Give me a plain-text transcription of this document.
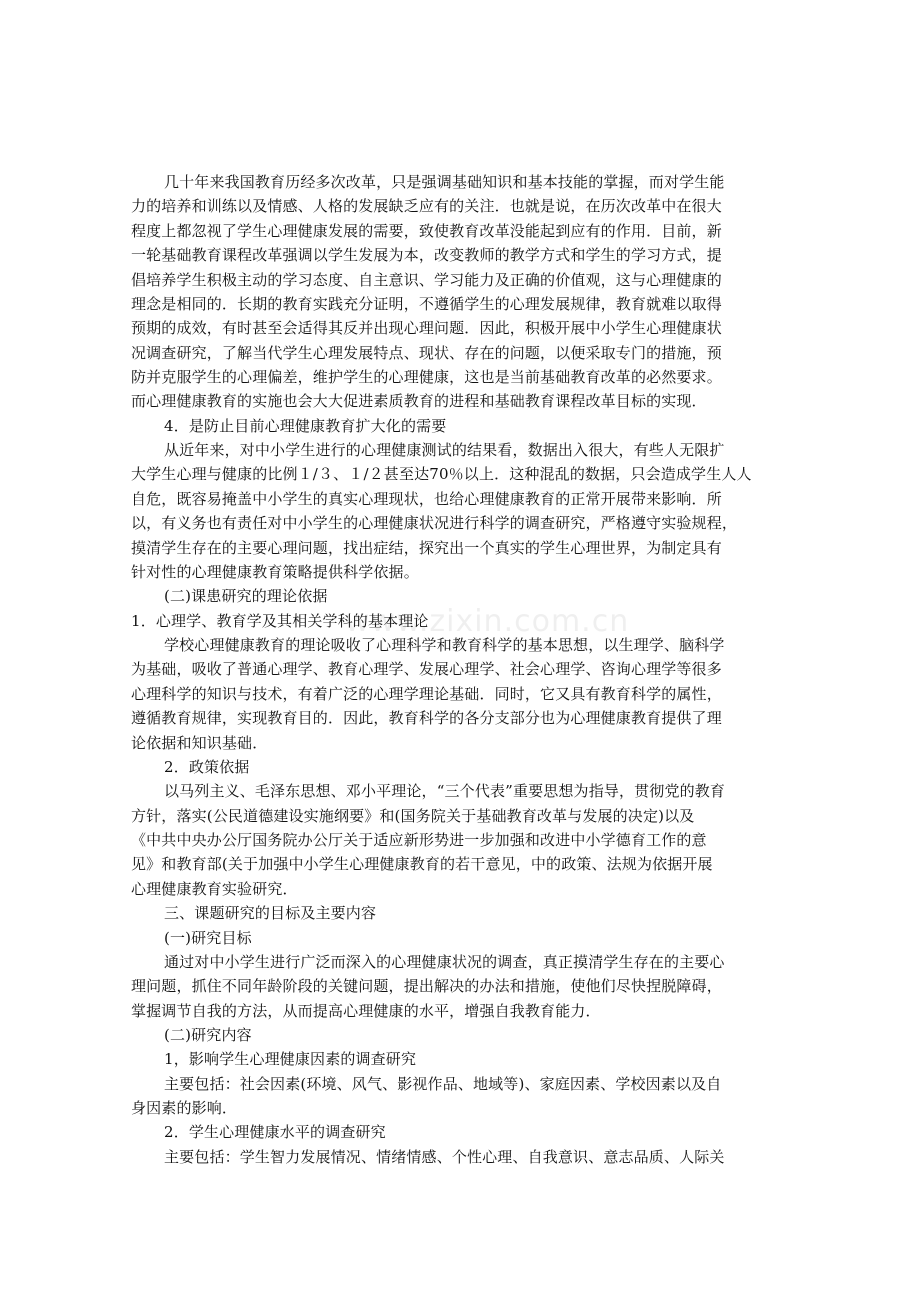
www.zixin.com.cn
几十年来我国教育历经多次改革，只是强调基础知识和基本技能的掌握，而对学生能
力的培养和训练以及情感、人格的发展缺乏应有的关注．也就是说，在历次改革中在很大
程度上都忽视了学生心理健康发展的需要，致使教育改革没能起到应有的作用．目前，新
一轮基础教育课程改革强调以学生发展为本，改变教师的教学方式和学生的学习方式，提
倡培养学生积极主动的学习态度、自主意识、学习能力及正确的价值观，这与心理健康的
理念是相同的．长期的教育实践充分证明，不遵循学生的心理发展规律，教育就难以取得
预期的成效，有时甚至会适得其反并出现心理问题．因此，积极开展中小学生心理健康状
况调查研究，了解当代学生心理发展特点、现状、存在的问题，以便采取专门的措施，预
防并克服学生的心理偏差，维护学生的心理健康，这也是当前基础教育改革的必然要求。
而心理健康教育的实施也会大大促进素质教育的进程和基础教育课程改革目标的实现．
4．是防止目前心理健康教育扩大化的需要
从近年来，对中小学生进行的心理健康测试的结果看，数据出入很大，有些人无限扩
大学生心理与健康的比例１/３、１/２甚至达70％以上．这种混乱的数据，只会造成学生人人
自危，既容易掩盖中小学生的真实心理现状，也给心理健康教育的正常开展带来影响．所
以，有义务也有责任对中小学生的心理健康状况进行科学的调查研究，严格遵守实验规程，
摸清学生存在的主要心理问题，找出症结，探究出一个真实的学生心理世界，为制定具有
针对性的心理健康教育策略提供科学依据。
(二)课患研究的理论依据
1．心理学、教育学及其相关学科的基本理论
学校心理健康教育的理论吸收了心理科学和教育科学的基本思想，以生理学、脑科学
为基础，吸收了普通心理学、教育心理学、发展心理学、社会心理学、咨询心理学等很多
心理科学的知识与技术，有着广泛的心理学理论基础．同时，它又具有教育科学的属性，
遵循教育规律，实现教育目的．因此，教育科学的各分支部分也为心理健康教育提供了理
论依据和知识基础．
2．政策依据
以马列主义、毛泽东思想、邓小平理论，“三个代表”重要思想为指导，贯彻党的教育
方针，落实(公民道德建设实施纲要》和(国务院关于基础教育改革与发展的决定)以及
《中共中央办公厅国务院办公厅关于适应新形势进一步加强和改进中小学德育工作的意
见》和教育部(关于加强中小学生心理健康教育的若干意见，中的政策、法规为依据开展
心理健康教育实验研究．
三、课题研究的目标及主要内容
(一)研究目标
通过对中小学生进行广泛而深入的心理健康状况的调查，真正摸清学生存在的主要心
理问题，抓住不同年龄阶段的关键问题，提出解决的办法和措施，使他们尽快捏脱障碍，
掌握调节自我的方法，从而提高心理健康的水平，增强自我教育能力．
(二)研究内容
1，影响学生心理健康因素的调查研究
主要包括：社会因素(环境、风气、影视作品、地域等)、家庭因素、学校因素以及自
身因素的影响．
2．学生心理健康水平的调查研究
主要包括：学生智力发展情况、情绪情感、个性心理、自我意识、意志品质、人际关
